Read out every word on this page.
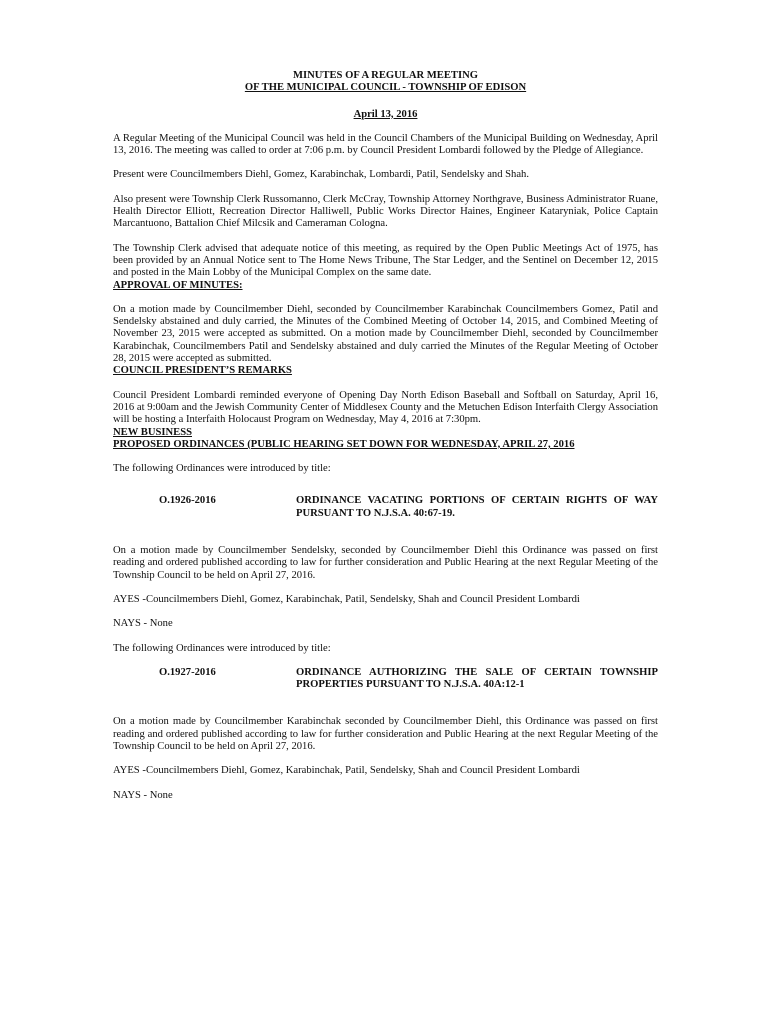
MINUTES OF A REGULAR MEETING
OF THE MUNICIPAL COUNCIL - TOWNSHIP OF EDISON
April 13, 2016

A Regular Meeting of the Municipal Council was held in the Council Chambers of the Municipal Building on Wednesday, April 13, 2016. The meeting was called to order at 7:06 p.m. by Council President Lombardi followed by the Pledge of Allegiance.

Present were Councilmembers Diehl, Gomez, Karabinchak, Lombardi, Patil, Sendelsky and Shah.

Also present were Township Clerk Russomanno, Clerk McCray, Township Attorney Northgrave, Business Administrator Ruane, Health Director Elliott, Recreation Director Halliwell, Public Works Director Haines, Engineer Kataryniak, Police Captain Marcantuono, Battalion Chief Milcsik and Cameraman Cologna.

The Township Clerk advised that adequate notice of this meeting, as required by the Open Public Meetings Act of 1975, has been provided by an Annual Notice sent to The Home News Tribune, The Star Ledger, and the Sentinel on December 12, 2015 and posted in the Main Lobby of the Municipal Complex on the same date.

APPROVAL OF MINUTES:

On a motion made by Councilmember Diehl, seconded by Councilmember Karabinchak Councilmembers Gomez, Patil and Sendelsky abstained and duly carried, the Minutes of the Combined Meeting of October 14, 2015, and Combined Meeting of November 23, 2015 were accepted as submitted. On a motion made by Councilmember Diehl, seconded by Councilmember Karabinchak, Councilmembers Patil and Sendelsky abstained and duly carried the Minutes of the Regular Meeting of October 28, 2015 were accepted as submitted.

COUNCIL PRESIDENT’S REMARKS

Council President Lombardi reminded everyone of Opening Day North Edison Baseball and Softball on Saturday, April 16, 2016 at 9:00am and the Jewish Community Center of Middlesex County and the Metuchen Edison Interfaith Clergy Association will be hosting a Interfaith Holocaust Program on Wednesday, May 4, 2016 at 7:30pm.

NEW BUSINESS
PROPOSED ORDINANCES (PUBLIC HEARING SET DOWN FOR WEDNESDAY, APRIL 27, 2016

The following Ordinances were introduced by title:

O.1926-2016	ORDINANCE VACATING PORTIONS OF CERTAIN RIGHTS OF WAY PURSUANT TO N.J.S.A. 40:67-19.

On a motion made by Councilmember Sendelsky, seconded by Councilmember Diehl this Ordinance was passed on first reading and ordered published according to law for further consideration and Public Hearing at the next Regular Meeting of the Township Council to be held on April 27, 2016.

AYES - Councilmembers Diehl, Gomez, Karabinchak, Patil, Sendelsky, Shah and Council President Lombardi

NAYS - None

The following Ordinances were introduced by title:

O.1927-2016	ORDINANCE AUTHORIZING THE SALE OF CERTAIN TOWNSHIP PROPERTIES PURSUANT TO N.J.S.A. 40A:12-1

On a motion made by Councilmember Karabinchak seconded by Councilmember Diehl, this Ordinance was passed on first reading and ordered published according to law for further consideration and Public Hearing at the next Regular Meeting of the Township Council to be held on April 27, 2016.

AYES - Councilmembers Diehl, Gomez, Karabinchak, Patil, Sendelsky, Shah and Council President Lombardi

NAYS - None
